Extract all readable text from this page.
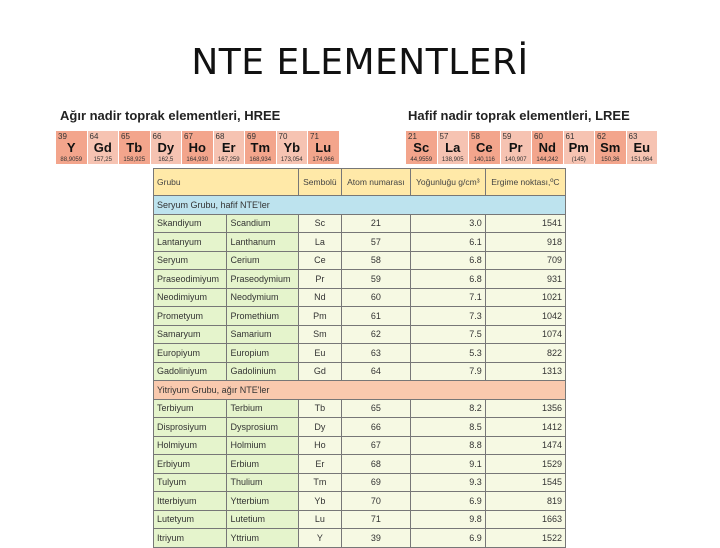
NTE ELEMENTLERİ
Ağır nadir toprak elementleri, HREE	Hafif nadir toprak elementleri, LREE
39
Y
88,9059
64
Gd
157,25
65
Tb
158,925
66
Dy
162,5
67
Ho
164,930
68
Er
167,259
69
Tm
168,934
70
Yb
173,054
71
Lu
174,966
21
Sc
44,9559
57
La
138,905
58
Ce
140,116
59
Pr
140,907
60
Nd
144,242
61
Pm
(145)
62
Sm
150,36
63
Eu
151,964
Grubu		Sembolü	Atom numarası	Yoğunluğu g/cm³	Ergime noktası,ºC
Seryum Grubu, hafif NTE'ler					
Skandiyum	Scandium	Sc	21	3.0	1541
Lantanyum	Lanthanum	La	57	6.1	918
Seryum	Cerium	Ce	58	6.8	709
Praseodimiyum	Praseodymium	Pr	59	6.8	931
Neodimiyum	Neodymium	Nd	60	7.1	1021
Prometyum	Promethium	Pm	61	7.3	1042
Samaryum	Samarium	Sm	62	7.5	1074
Europiyum	Europium	Eu	63	5.3	822
Gadoliniyum	Gadolinium	Gd	64	7.9	1313
Yitriyum Grubu, ağır NTE'ler					
Terbiyum	Terbium	Tb	65	8.2	1356
Disprosiyum	Dysprosium	Dy	66	8.5	1412
Holmiyum	Holmium	Ho	67	8.8	1474
Erbiyum	Erbium	Er	68	9.1	1529
Tulyum	Thulium	Tm	69	9.3	1545
Itterbiyum	Ytterbium	Yb	70	6.9	819
Lutetyum	Lutetium	Lu	71	9.8	1663
Itriyum	Yttrium	Y	39	6.9	1522
